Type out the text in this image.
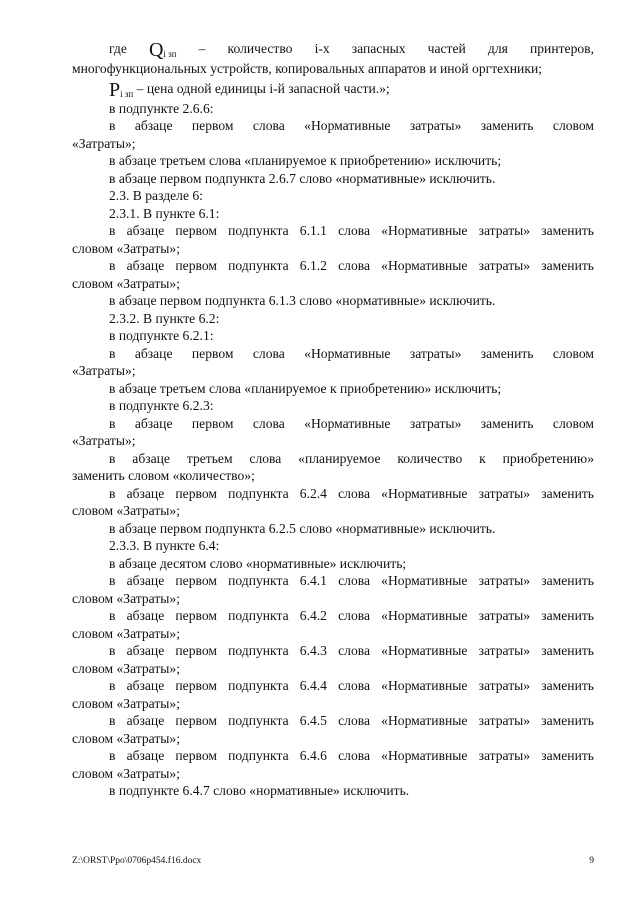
где $Q_{i зп}$ – количество i-х запасных частей для принтеров,
многофункциональных устройств, копировальных аппаратов и иной оргтехники;
$P_{i зп}$ – цена одной единицы i-й запасной части.»;
в подпункте 2.6.6:
в абзаце первом слова «Нормативные затраты» заменить словом
«Затраты»;
в абзаце третьем слова «планируемое к приобретению» исключить;
в абзаце первом подпункта 2.6.7 слово «нормативные» исключить.
2.3. В разделе 6:
2.3.1. В пункте 6.1:
в абзаце первом подпункта 6.1.1 слова «Нормативные затраты» заменить
словом «Затраты»;
в абзаце первом подпункта 6.1.2 слова «Нормативные затраты» заменить
словом «Затраты»;
в абзаце первом подпункта 6.1.3 слово «нормативные» исключить.
2.3.2. В пункте 6.2:
в подпункте 6.2.1:
в абзаце первом слова «Нормативные затраты» заменить словом
«Затраты»;
в абзаце третьем слова «планируемое к приобретению» исключить;
в подпункте 6.2.3:
в абзаце первом слова «Нормативные затраты» заменить словом
«Затраты»;
в абзаце третьем слова «планируемое количество к приобретению»
заменить словом «количество»;
в абзаце первом подпункта 6.2.4 слова «Нормативные затраты» заменить
словом «Затраты»;
в абзаце первом подпункта 6.2.5 слово «нормативные» исключить.
2.3.3. В пункте 6.4:
в абзаце десятом слово «нормативные» исключить;
в абзаце первом подпункта 6.4.1 слова «Нормативные затраты» заменить
словом «Затраты»;
в абзаце первом подпункта 6.4.2 слова «Нормативные затраты» заменить
словом «Затраты»;
в абзаце первом подпункта 6.4.3 слова «Нормативные затраты» заменить
словом «Затраты»;
в абзаце первом подпункта 6.4.4 слова «Нормативные затраты» заменить
словом «Затраты»;
в абзаце первом подпункта 6.4.5 слова «Нормативные затраты» заменить
словом «Затраты»;
в абзаце первом подпункта 6.4.6 слова «Нормативные затраты» заменить
словом «Затраты»;
в подпункте 6.4.7 слово «нормативные» исключить.
Z:\ORST\Ppo\0706p454.f16.docx	9
